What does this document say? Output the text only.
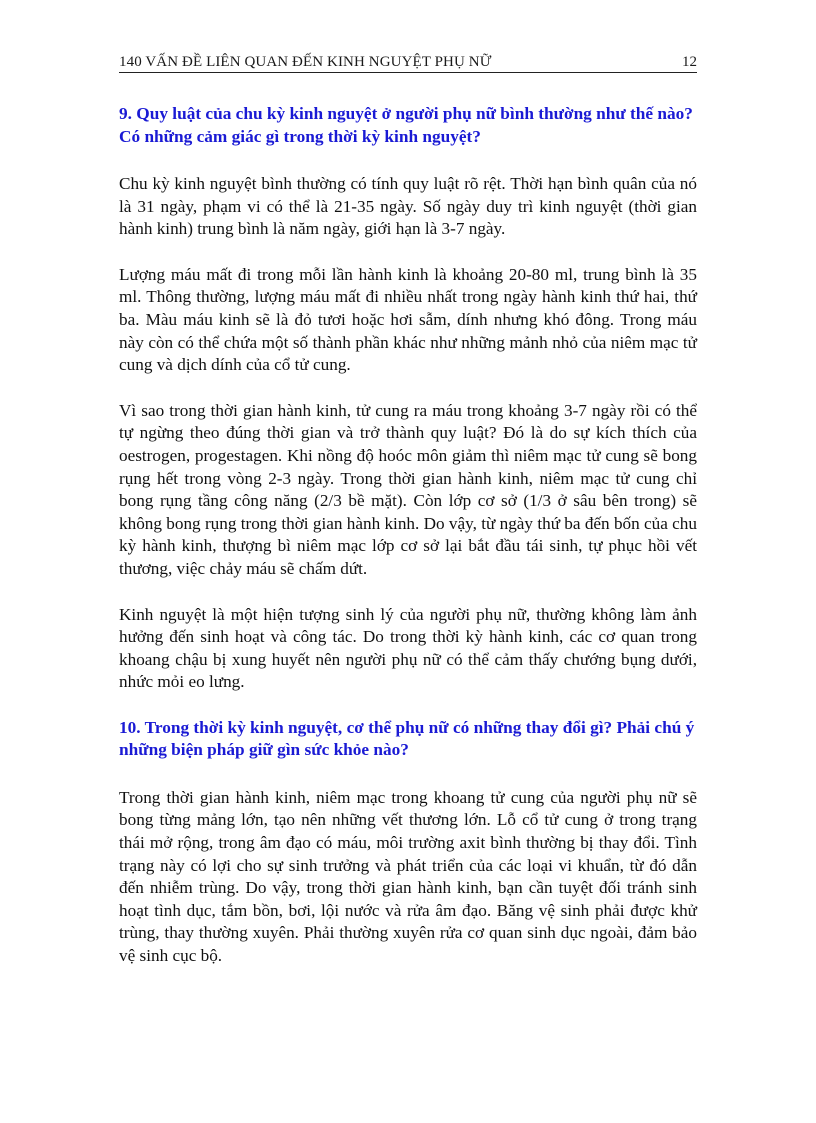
140 VẤN ĐỀ LIÊN QUAN ĐẾN KINH NGUYỆT PHỤ NỮ	12
9. Quy luật của chu kỳ kinh nguyệt ở người phụ nữ bình thường như thế nào? Có những cảm giác gì trong thời kỳ kinh nguyệt?

Chu kỳ kinh nguyệt bình thường có tính quy luật rõ rệt. Thời hạn bình quân của nó là 31 ngày, phạm vi có thể là 21-35 ngày. Số ngày duy trì kinh nguyệt (thời gian hành kinh) trung bình là năm ngày, giới hạn là 3-7 ngày.

Lượng máu mất đi trong mỗi lần hành kinh là khoảng 20-80 ml, trung bình là 35 ml. Thông thường, lượng máu mất đi nhiều nhất trong ngày hành kinh thứ hai, thứ ba. Màu máu kinh sẽ là đỏ tươi hoặc hơi sẫm, dính nhưng khó đông. Trong máu này còn có thể chứa một số thành phần khác như những mảnh nhỏ của niêm mạc tử cung và dịch dính của cổ tử cung.

Vì sao trong thời gian hành kinh, tử cung ra máu trong khoảng 3-7 ngày rồi có thể tự ngừng theo đúng thời gian và trở thành quy luật? Đó là do sự kích thích của oestrogen, progestagen. Khi nồng độ hoóc môn giảm thì niêm mạc tử cung sẽ bong rụng hết trong vòng 2-3 ngày. Trong thời gian hành kinh, niêm mạc tử cung chỉ bong rụng tầng công năng (2/3 bề mặt). Còn lớp cơ sở (1/3 ở sâu bên trong) sẽ không bong rụng trong thời gian hành kinh. Do vậy, từ ngày thứ ba đến bốn của chu kỳ hành kinh, thượng bì niêm mạc lớp cơ sở lại bắt đầu tái sinh, tự phục hồi vết thương, việc chảy máu sẽ chấm dứt.

Kinh nguyệt là một hiện tượng sinh lý của người phụ nữ, thường không làm ảnh hưởng đến sinh hoạt và công tác. Do trong thời kỳ hành kinh, các cơ quan trong khoang chậu bị xung huyết nên người phụ nữ có thể cảm thấy chướng bụng dưới, nhức mỏi eo lưng.

10. Trong thời kỳ kinh nguyệt, cơ thể phụ nữ có những thay đổi gì? Phải chú ý những biện pháp giữ gìn sức khỏe nào?

Trong thời gian hành kinh, niêm mạc trong khoang tử cung của người phụ nữ sẽ bong từng mảng lớn, tạo nên những vết thương lớn. Lỗ cổ tử cung ở trong trạng thái mở rộng, trong âm đạo có máu, môi trường axit bình thường bị thay đổi. Tình trạng này có lợi cho sự sinh trưởng và phát triển của các loại vi khuẩn, từ đó dẫn đến nhiễm trùng. Do vậy, trong thời gian hành kinh, bạn cần tuyệt đối tránh sinh hoạt tình dục, tắm bồn, bơi, lội nước và rửa âm đạo. Băng vệ sinh phải được khử trùng, thay thường xuyên. Phải thường xuyên rửa cơ quan sinh dục ngoài, đảm bảo vệ sinh cục bộ.
